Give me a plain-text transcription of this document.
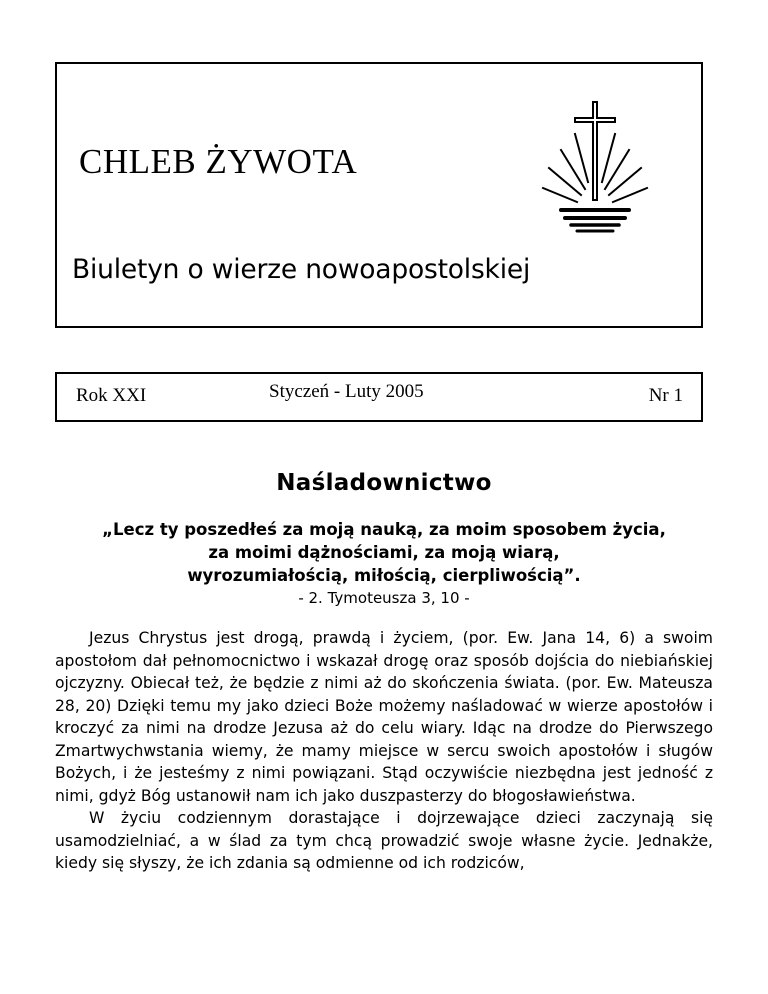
CHLEB ŻYWOTA
Biuletyn o wierze nowoapostolskiej
Rok XXI	Styczeń - Luty 2005	Nr 1
Naśladownictwo
„Lecz ty poszedłeś za moją nauką, za moim sposobem życia,
za moimi dążnościami, za moją wiarą,
wyrozumiałością, miłością, cierpliwością”.
- 2. Tymoteusza 3, 10 -

Jezus Chrystus jest drogą, prawdą i życiem, (por. Ew. Jana 14, 6) a swoim apostołom dał pełnomocnictwo i wskazał drogę oraz sposób dojścia do niebiańskiej ojczyzny. Obiecał też, że będzie z nimi aż do skończenia świata. (por. Ew. Mateusza 28, 20) Dzięki temu my jako dzieci Boże możemy naśladować w wierze apostołów i kroczyć za nimi na drodze Jezusa aż do celu wiary. Idąc na drodze do Pierwszego Zmartwychwstania wiemy, że mamy miejsce w sercu swoich apostołów i sługów Bożych, i że jesteśmy z nimi powiązani. Stąd oczywiście niezbędna jest jedność z nimi, gdyż Bóg ustanowił nam ich jako duszpasterzy do błogosławieństwa.

W życiu codziennym dorastające i dojrzewające dzieci zaczynają się usamodzielniać, a w ślad za tym chcą prowadzić swoje własne życie. Jednakże, kiedy się słyszy, że ich zdania są odmienne od ich rodziców,
